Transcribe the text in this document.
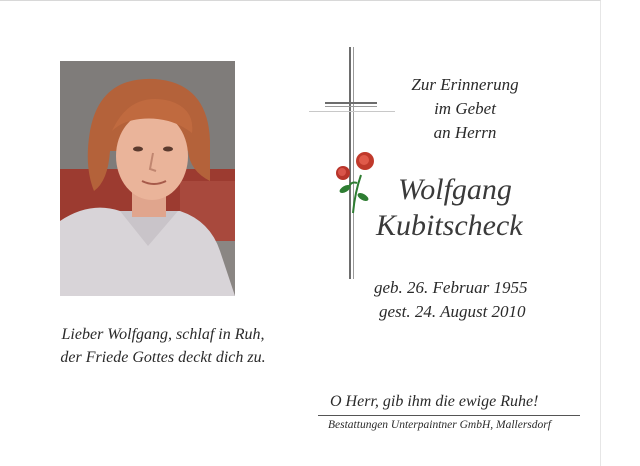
Zur Erinnerung
im Gebet
an Herrn
Wolfgang
Kubitscheck
geb. 26. Februar 1955
gest. 24. August 2010
Lieber Wolfgang, schlaf in Ruh,
der Friede Gottes deckt dich zu.
O Herr, gib ihm die ewige Ruhe!
Bestattungen Unterpaintner GmbH, Mallersdorf
